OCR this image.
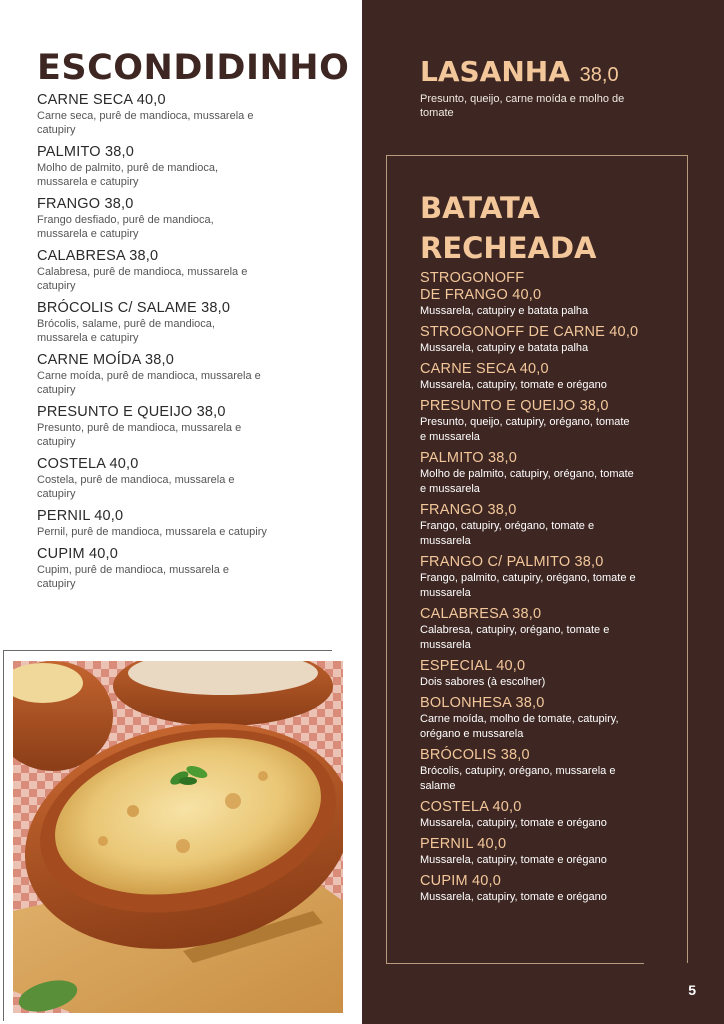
ESCONDIDINHO
CARNE SECA 40,0
Carne seca, purê de mandioca, mussarela e catupiry
PALMITO 38,0
Molho de palmito, purê de mandioca, mussarela e catupiry
FRANGO 38,0
Frango desfiado, purê de mandioca, mussarela e catupiry
CALABRESA 38,0
Calabresa, purê de mandioca, mussarela e catupiry
BRÓCOLIS C/ SALAME 38,0
Brócolis, salame, purê de mandioca, mussarela e catupiry
CARNE MOÍDA 38,0
Carne moída, purê de mandioca, mussarela e catupiry
PRESUNTO E QUEIJO 38,0
Presunto, purê de mandioca, mussarela e catupiry
COSTELA 40,0
Costela, purê de mandioca, mussarela e catupiry
PERNIL 40,0
Pernil, purê de mandioca, mussarela e catupiry
CUPIM 40,0
Cupim, purê de mandioca, mussarela e catupiry
LASANHA 38,0
Presunto, queijo, carne moída e molho de tomate
BATATA
RECHEADA
STROGONOFF
DE FRANGO 40,0
Mussarela, catupiry e batata palha
STROGONOFF DE CARNE 40,0
Mussarela, catupiry e batata palha
CARNE SECA 40,0
Mussarela, catupiry, tomate e orégano
PRESUNTO E QUEIJO 38,0
Presunto, queijo, catupiry, orégano, tomate e mussarela
PALMITO 38,0
Molho de palmito, catupiry, orégano, tomate e mussarela
FRANGO 38,0
Frango, catupiry, orégano, tomate e mussarela
FRANGO C/ PALMITO 38,0
Frango, palmito, catupiry, orégano, tomate e mussarela
CALABRESA 38,0
Calabresa, catupiry, orégano, tomate e mussarela
ESPECIAL 40,0
Dois sabores (à escolher)
BOLONHESA 38,0
Carne moída, molho de tomate, catupiry, orégano e mussarela
BRÓCOLIS 38,0
Brócolis, catupiry, orégano, mussarela e salame
COSTELA 40,0
Mussarela, catupiry, tomate e orégano
PERNIL 40,0
Mussarela, catupiry, tomate e orégano
CUPIM 40,0
Mussarela, catupiry, tomate e orégano
5
